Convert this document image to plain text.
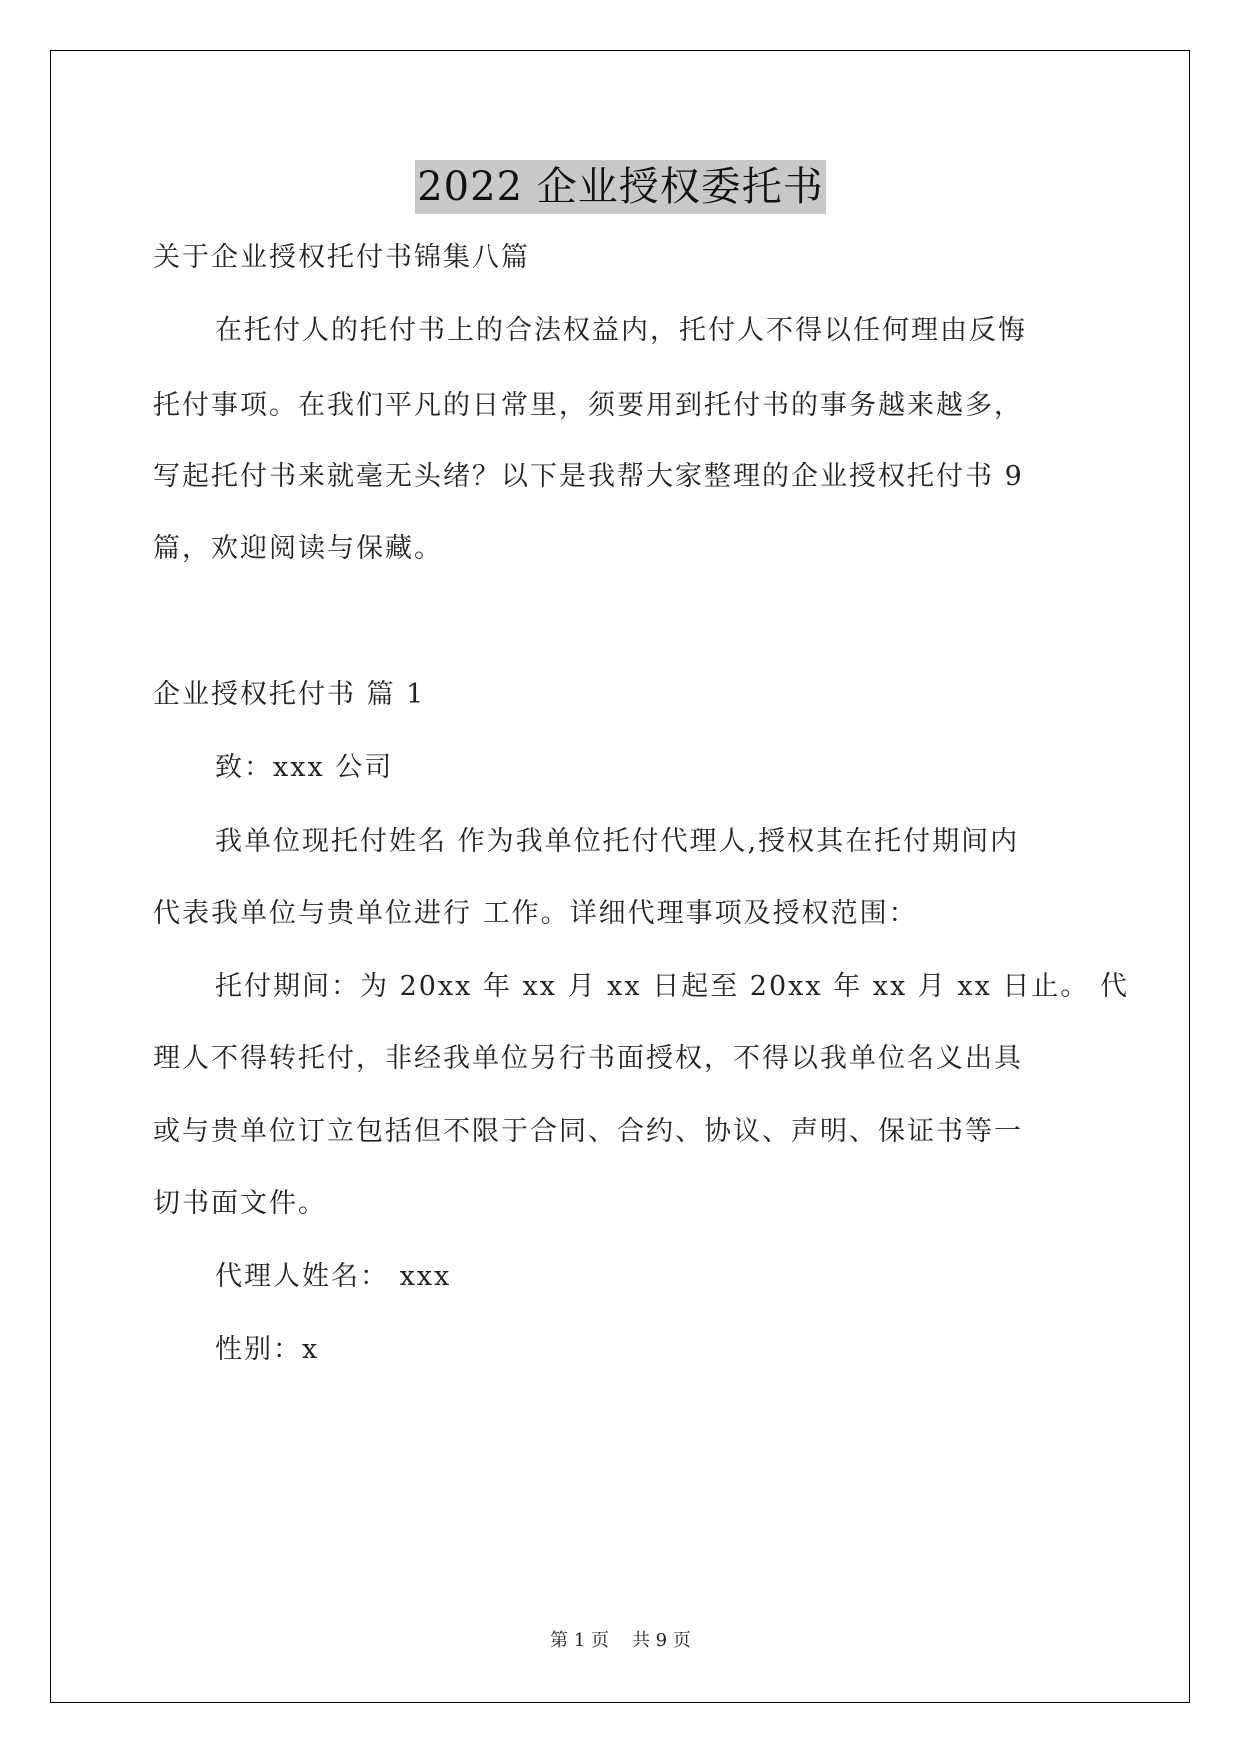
2022 企业授权委托书
关于企业授权托付书锦集八篇
在托付人的托付书上的合法权益内，托付人不得以任何理由反悔
托付事项。在我们平凡的日常里，须要用到托付书的事务越来越多，
写起托付书来就毫无头绪？以下是我帮大家整理的企业授权托付书 9
篇，欢迎阅读与保藏。
企业授权托付书 篇 1
致：xxx 公司
我单位现托付姓名 作为我单位托付代理人,授权其在托付期间内
代表我单位与贵单位进行 工作。详细代理事项及授权范围：
托付期间：为 20xx 年 xx 月 xx 日起至 20xx 年 xx 月 xx 日止。 代
理人不得转托付，非经我单位另行书面授权，不得以我单位名义出具
或与贵单位订立包括但不限于合同、合约、协议、声明、保证书等一
切书面文件。
代理人姓名： xxx
性别：x
第 1 页    共 9 页
